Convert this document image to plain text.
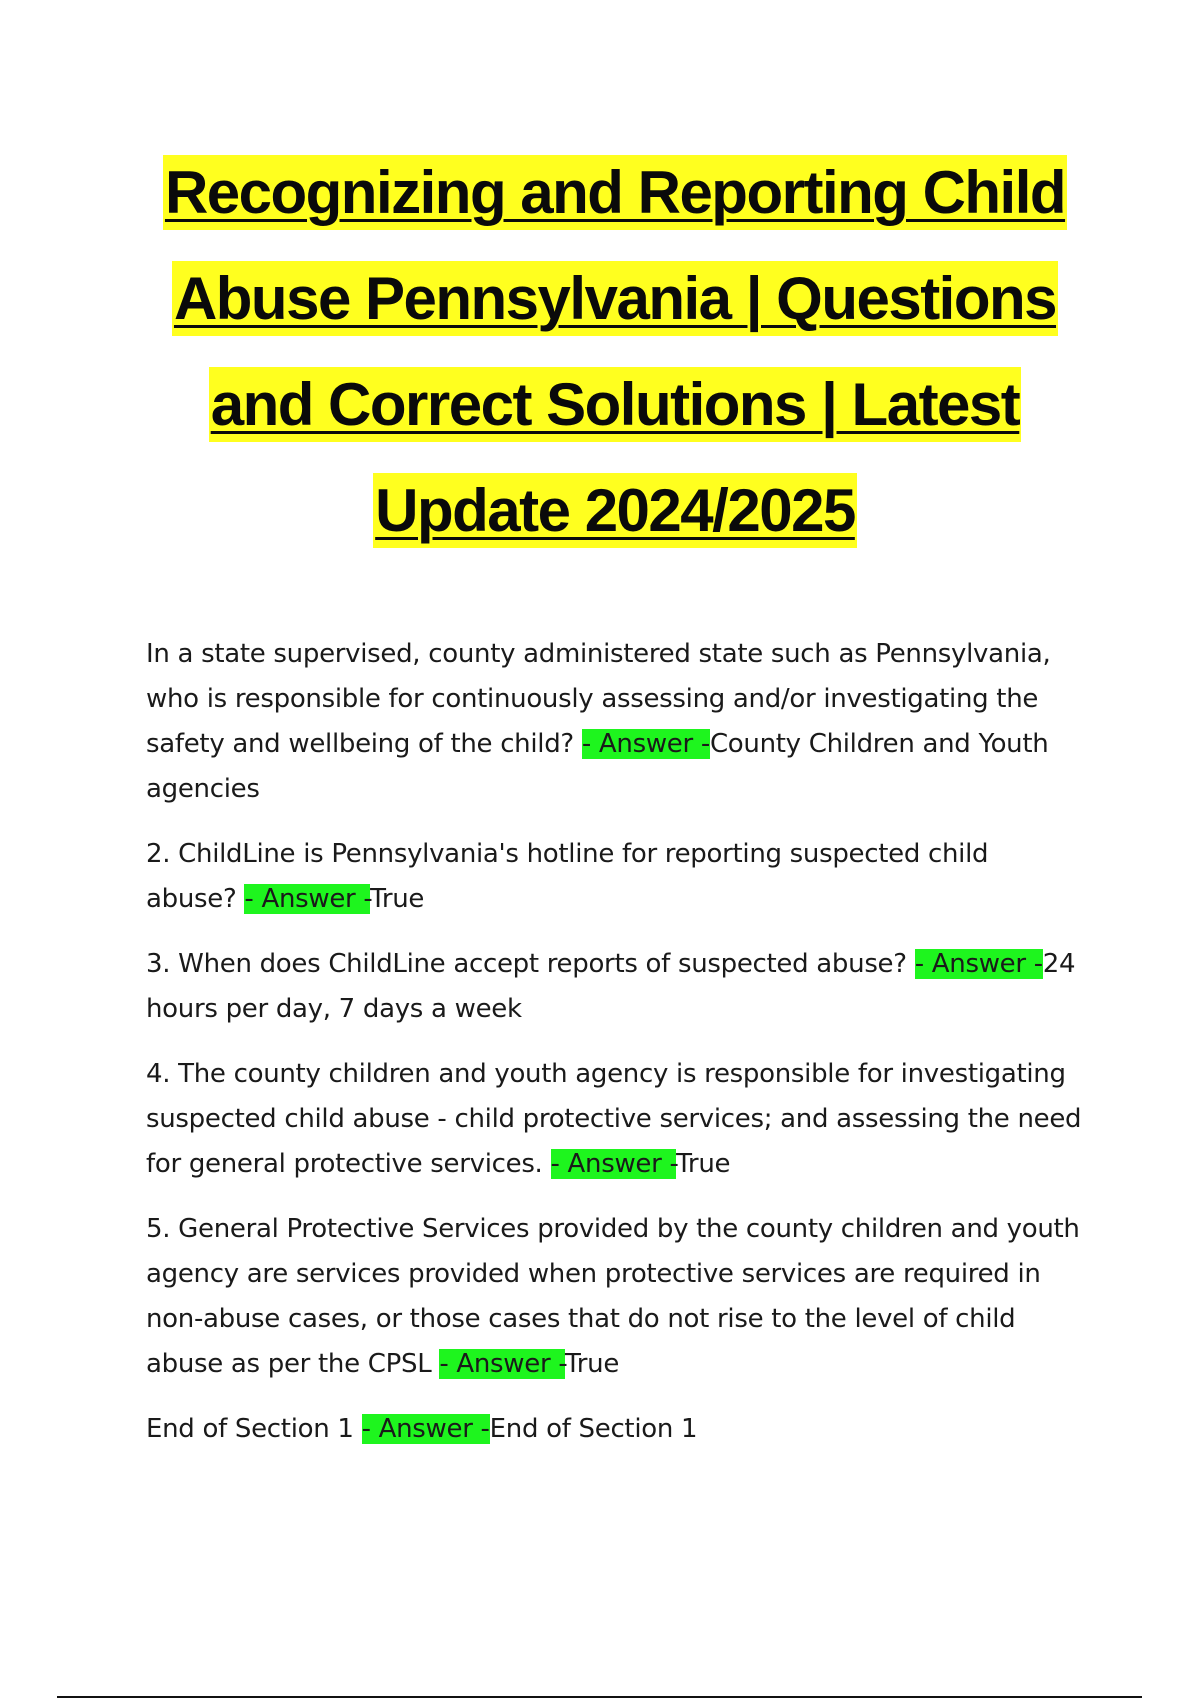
Recognizing and Reporting Child
Abuse Pennsylvania | Questions
and Correct Solutions | Latest
Update 2024/2025

In a state supervised, county administered state such as Pennsylvania, who is responsible for continuously assessing and/or investigating the safety and wellbeing of the child? - Answer -County Children and Youth agencies

2. ChildLine is Pennsylvania's hotline for reporting suspected child abuse? - Answer -True

3. When does ChildLine accept reports of suspected abuse? - Answer -24 hours per day, 7 days a week

4. The county children and youth agency is responsible for investigating suspected child abuse - child protective services; and assessing the need for general protective services. - Answer -True

5. General Protective Services provided by the county children and youth agency are services provided when protective services are required in non-abuse cases, or those cases that do not rise to the level of child abuse as per the CPSL - Answer -True

End of Section 1 - Answer -End of Section 1
